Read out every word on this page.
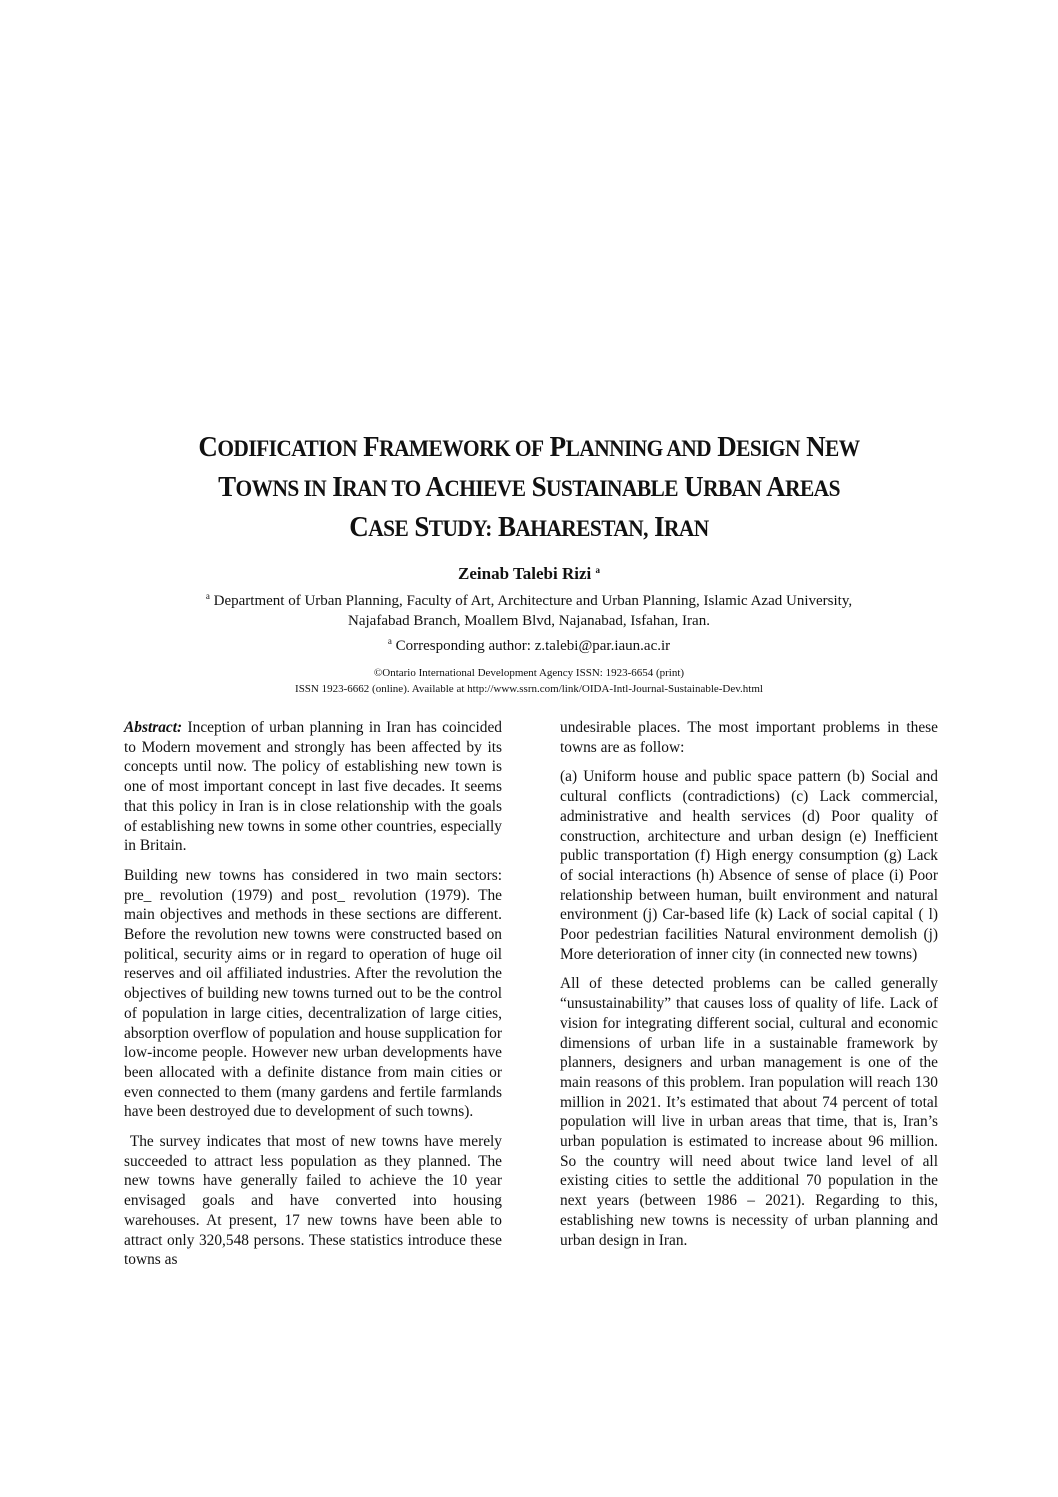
CODIFICATION FRAMEWORK OF PLANNING AND DESIGN NEW
TOWNS IN IRAN TO ACHIEVE SUSTAINABLE URBAN AREAS
CASE STUDY: BAHARESTAN, IRAN
Zeinab Talebi Rizi $^a$
$^a$ Department of Urban Planning, Faculty of Art, Architecture and Urban Planning, Islamic Azad University,
Najafabad Branch, Moallem Blvd, Najanabad, Isfahan, Iran.
$^a$ Corresponding author: z.talebi@par.iaun.ac.ir
©Ontario International Development Agency ISSN: 1923-6654 (print)
ISSN 1923-6662 (online). Available at http://www.ssrn.com/link/OIDA-Intl-Journal-Sustainable-Dev.html

Abstract: Inception of urban planning in Iran has coincided to Modern movement and strongly has been affected by its concepts until now. The policy of establishing new town is one of most important concept in last five decades. It seems that this policy in Iran is in close relationship with the goals of establishing new towns in some other countries, especially in Britain.

Building new towns has considered in two main sectors: pre_ revolution (1979) and post_ revolution (1979). The main objectives and methods in these sections are different. Before the revolution new towns were constructed based on political, security aims or in regard to operation of huge oil reserves and oil affiliated industries. After the revolution the objectives of building new towns turned out to be the control of population in large cities, decentralization of large cities, absorption overflow of population and house supplication for low-income people. However new urban developments have been allocated with a definite distance from main cities or even connected to them (many gardens and fertile farmlands have been destroyed due to development of such towns).

The survey indicates that most of new towns have merely succeeded to attract less population as they planned. The new towns have generally failed to achieve the 10 year envisaged goals and have converted into housing warehouses. At present, 17 new towns have been able to attract only 320,548 persons. These statistics introduce these towns as

undesirable places. The most important problems in these towns are as follow:

(a) Uniform house and public space pattern (b) Social and cultural conflicts (contradictions) (c) Lack commercial, administrative and health services (d) Poor quality of construction, architecture and urban design (e) Inefficient public transportation (f) High energy consumption (g) Lack of social interactions (h) Absence of sense of place (i) Poor relationship between human, built environment and natural environment (j) Car-based life (k) Lack of social capital ( l) Poor pedestrian facilities Natural environment demolish (j) More deterioration of inner city (in connected new towns)

All of these detected problems can be called generally “unsustainability” that causes loss of quality of life. Lack of vision for integrating different social, cultural and economic dimensions of urban life in a sustainable framework by planners, designers and urban management is one of the main reasons of this problem. Iran population will reach 130 million in 2021. It’s estimated that about 74 percent of total population will live in urban areas that time, that is, Iran’s urban population is estimated to increase about 96 million. So the country will need about twice land level of all existing cities to settle the additional 70 population in the next years (between 1986 – 2021). Regarding to this, establishing new towns is necessity of urban planning and urban design in Iran.
